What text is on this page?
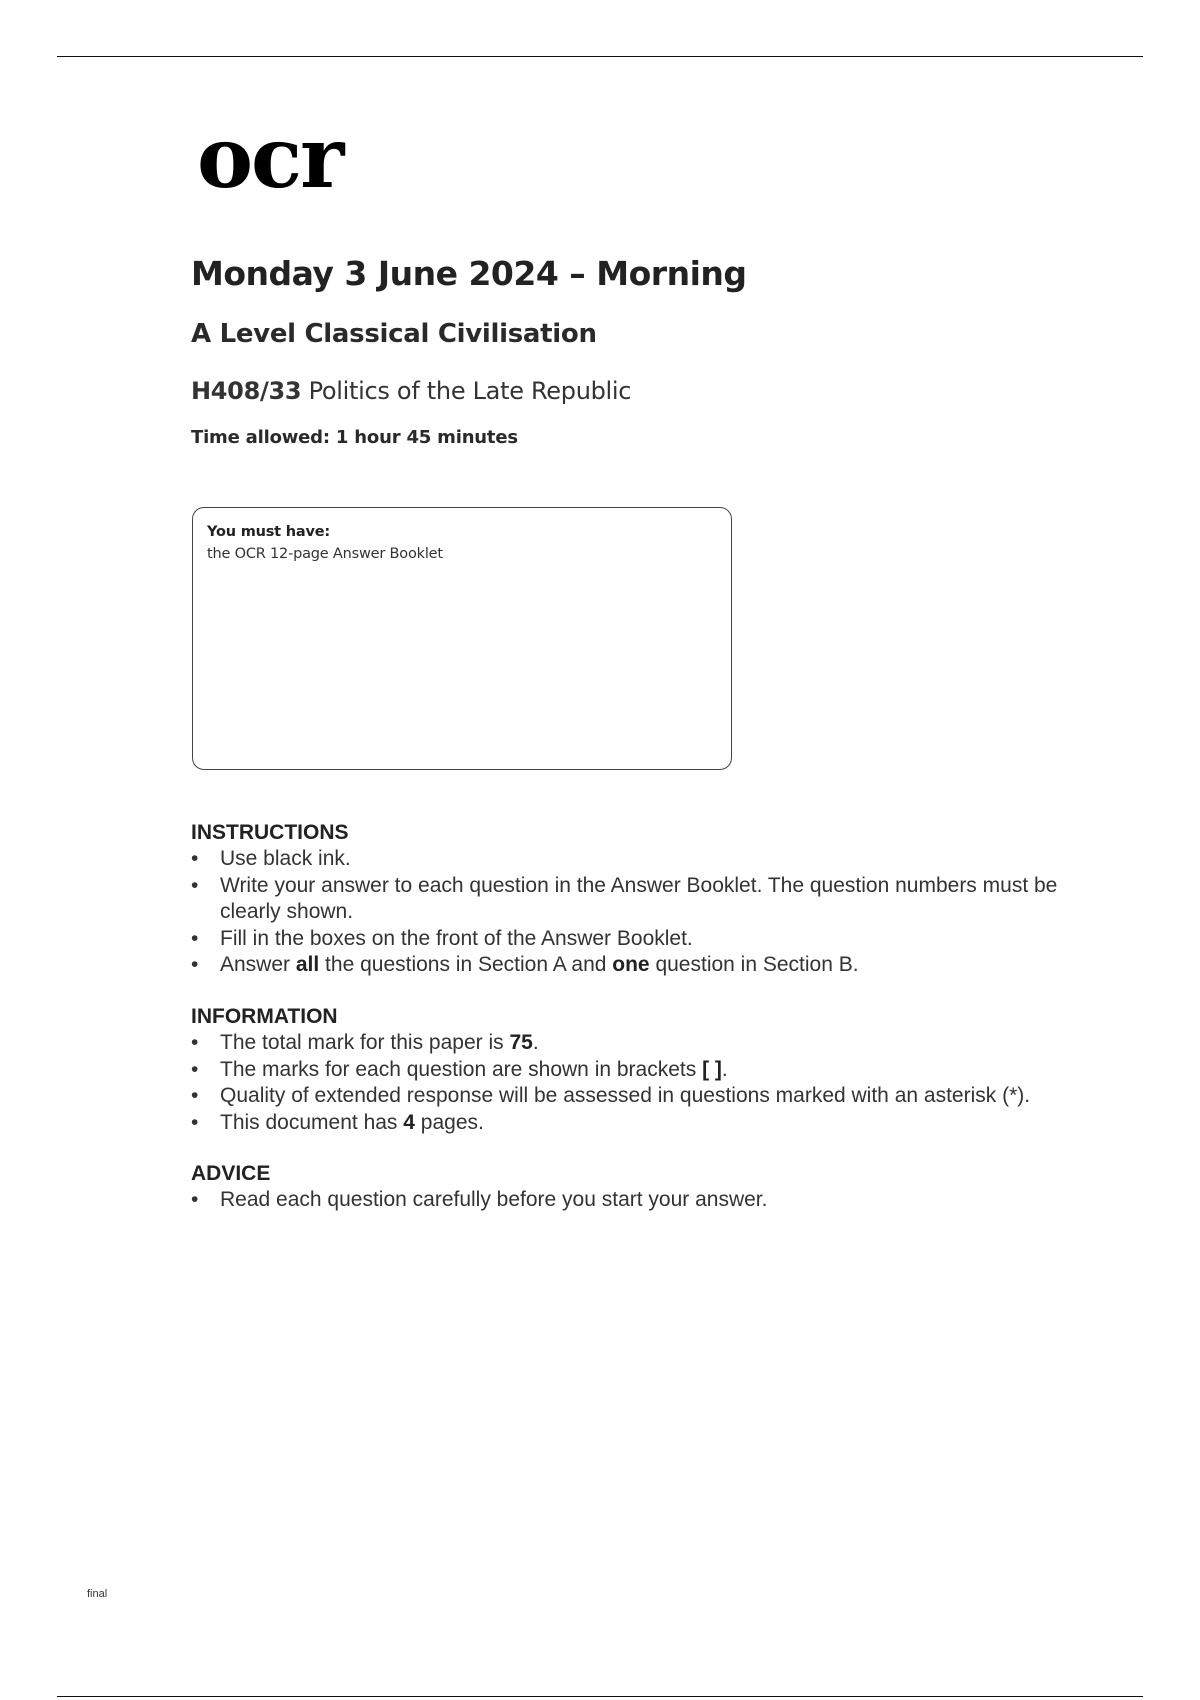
ocr
Monday 3 June 2024 – Morning
A Level Classical Civilisation
H408/33 Politics of the Late Republic
Time allowed: 1 hour 45 minutes
You must have:
the OCR 12-page Answer Booklet
INSTRUCTIONS
• Use black ink.
• Write your answer to each question in the Answer Booklet. The question numbers must be clearly shown.
• Fill in the boxes on the front of the Answer Booklet.
• Answer all the questions in Section A and one question in Section B.
INFORMATION
• The total mark for this paper is 75.
• The marks for each question are shown in brackets [ ].
• Quality of extended response will be assessed in questions marked with an asterisk (*).
• This document has 4 pages.
ADVICE
• Read each question carefully before you start your answer.
final
